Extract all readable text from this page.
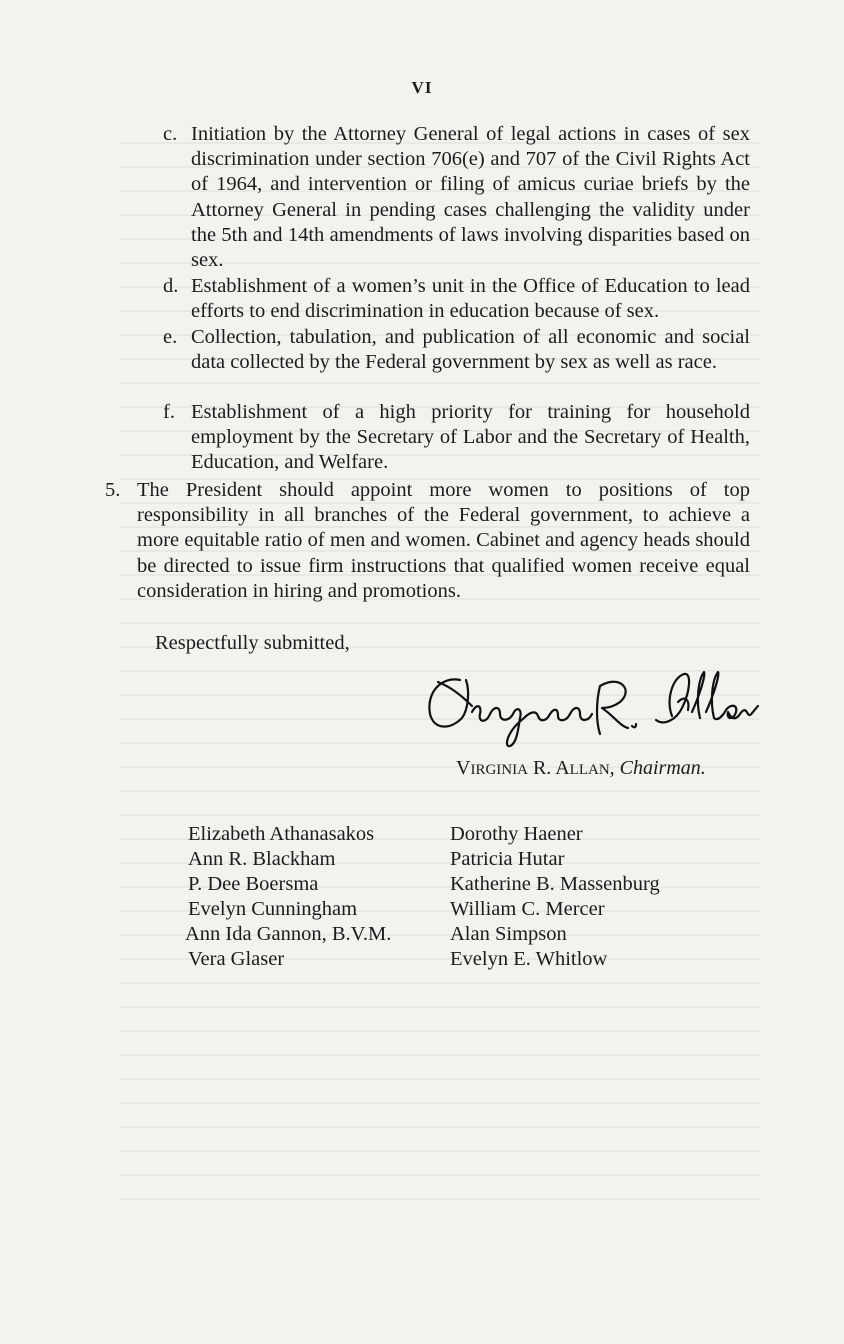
VI
c. Initiation by the Attorney General of legal actions in cases of sex discrimination under section 706(e) and 707 of the Civil Rights Act of 1964, and intervention or filing of amicus curiae briefs by the Attorney General in pending cases challenging the validity under the 5th and 14th amendments of laws involving disparities based on sex.
d. Establishment of a women’s unit in the Office of Education to lead efforts to end discrimination in education because of sex.
e. Collection, tabulation, and publication of all economic and social data collected by the Federal government by sex as well as race.
f. Establishment of a high priority for training for household employment by the Secretary of Labor and the Secretary of Health, Education, and Welfare.
5. The President should appoint more women to positions of top responsibility in all branches of the Federal government, to achieve a more equitable ratio of men and women. Cabinet and agency heads should be directed to issue firm instructions that qualified women receive equal consideration in hiring and promotions.
Respectfully submitted,
VIRGINIA R. ALLAN, Chairman.
Elizabeth Athanasakos
Ann R. Blackham
P. Dee Boersma
Evelyn Cunningham
Ann Ida Gannon, B.V.M.
Vera Glaser
Dorothy Haener
Patricia Hutar
Katherine B. Massenburg
William C. Mercer
Alan Simpson
Evelyn E. Whitlow
